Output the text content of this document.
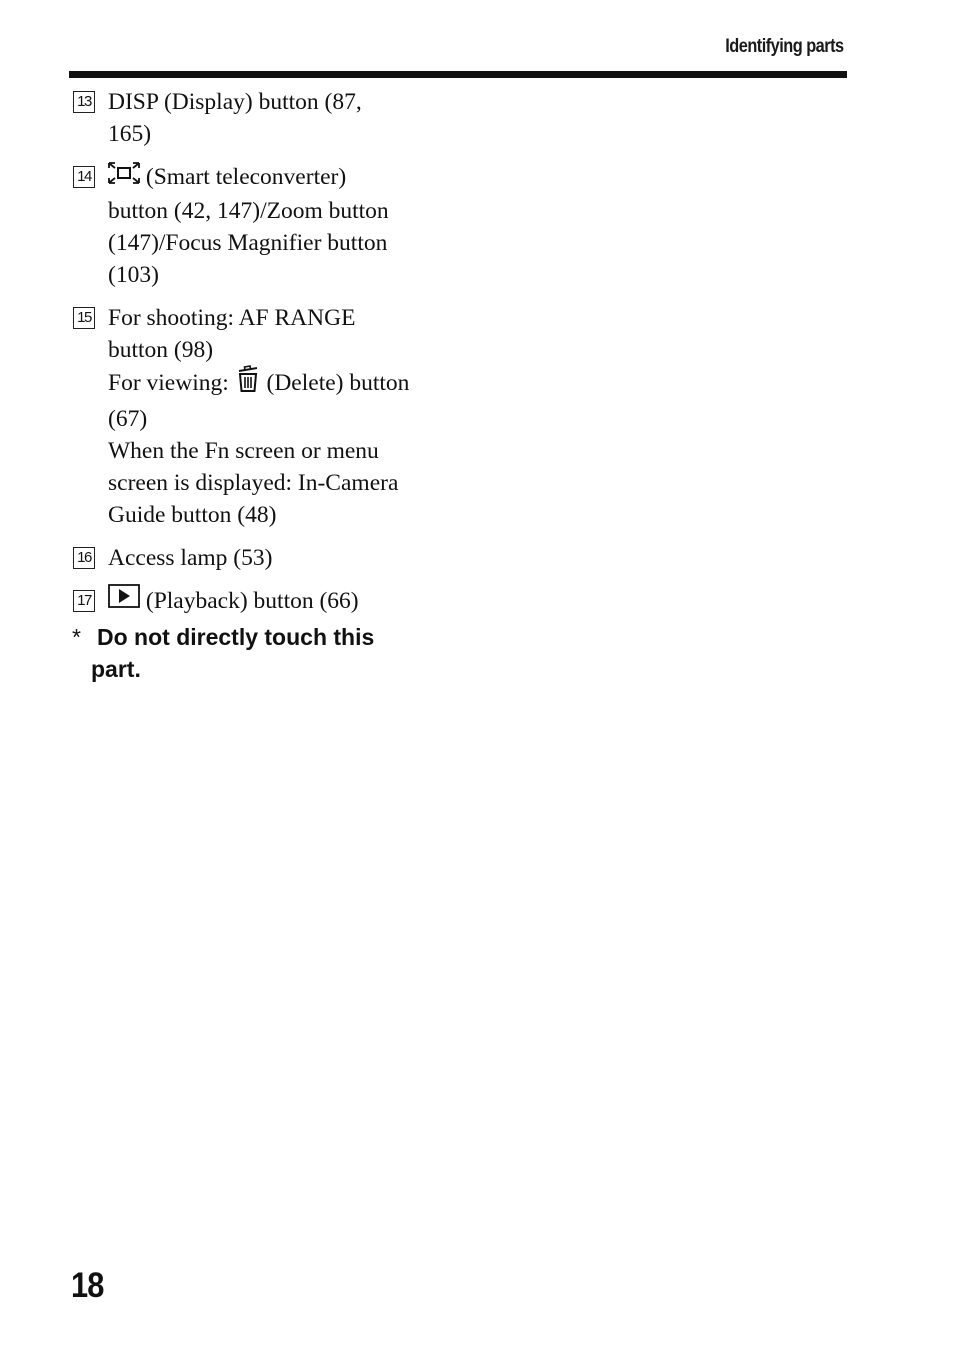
Identifying parts
13 DISP (Display) button (87,
165)
14	(Smart teleconverter)
button (42, 147)/Zoom button
(147)/Focus Magnifier button
(103)
15 For shooting: AF RANGE
button (98)
For viewing:  (Delete) button
(67)
When the Fn screen or menu
screen is displayed: In-Camera
Guide button (48)
16 Access lamp (53)
17	(Playback) button (66)
* Do not directly touch this
part.
18
